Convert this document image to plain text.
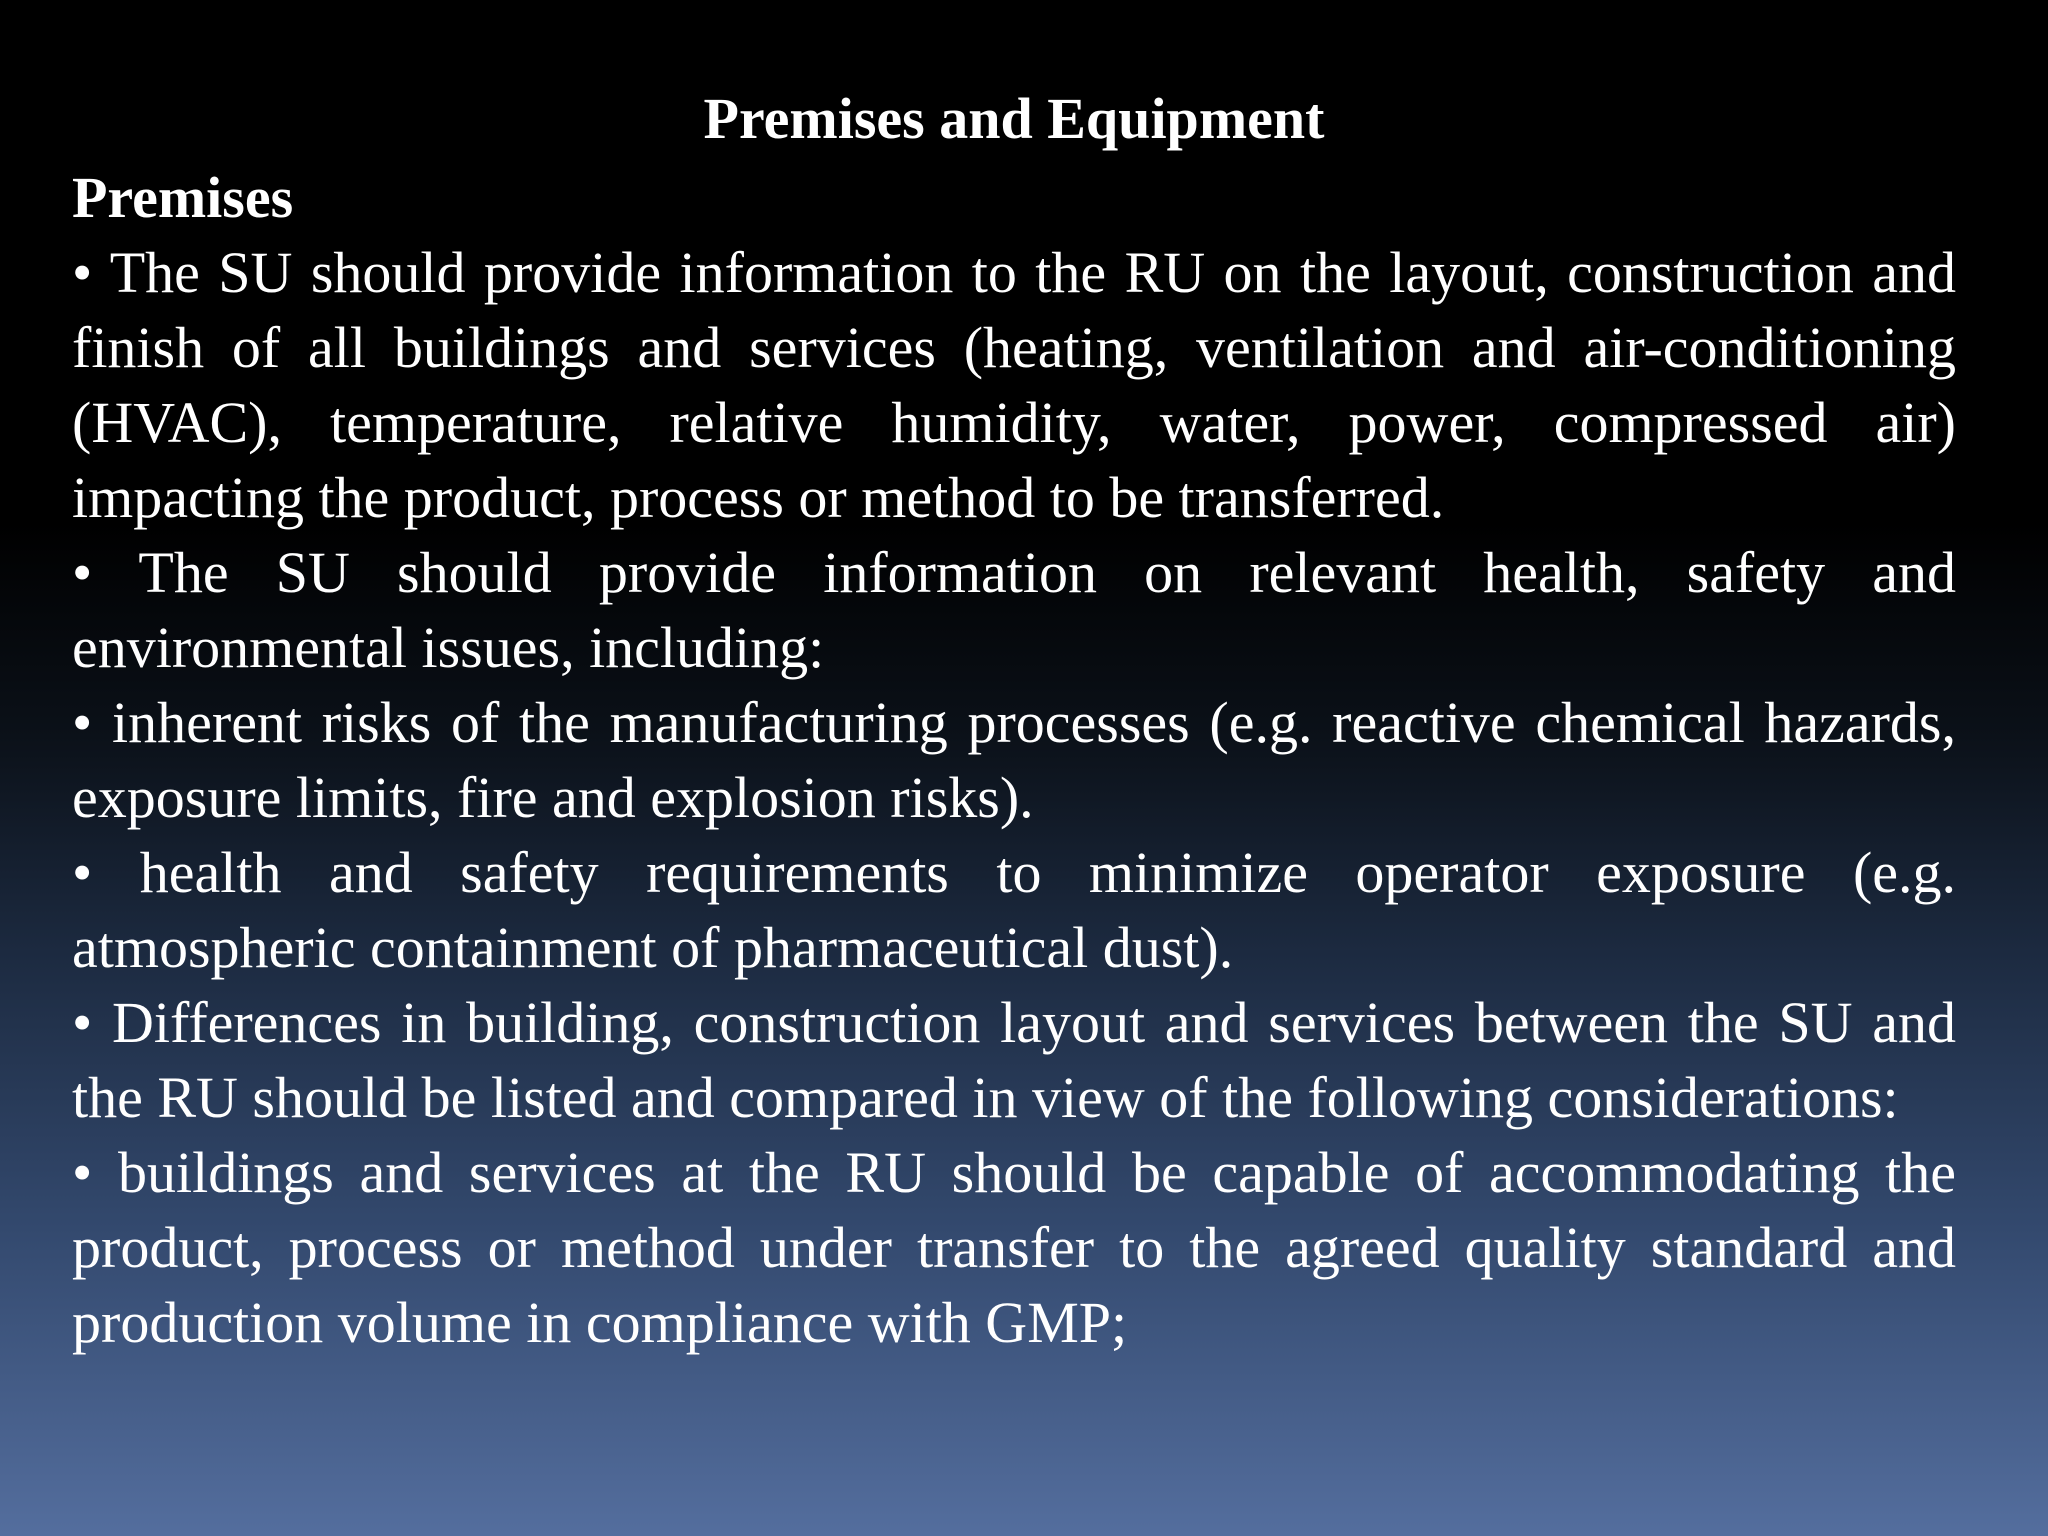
Premises and Equipment
Premises

• The SU should provide information to the RU on the layout, construction and finish of all buildings and services (heating, ventilation and air-conditioning (HVAC), temperature, relative humidity, water, power, compressed air) impacting the product, process or method to be transferred.

• The SU should provide information on relevant health, safety and environmental issues, including:

• inherent risks of the manufacturing processes (e.g. reactive chemical hazards, exposure limits, fire and explosion risks).

• health and safety requirements to minimize operator exposure (e.g. atmospheric containment of pharmaceutical dust).

• Differences in building, construction layout and services between the SU and the RU should be listed and compared in view of the following considerations:

• buildings and services at the RU should be capable of accommodating the product, process or method under transfer to the agreed quality standard and production volume in compliance with GMP;
